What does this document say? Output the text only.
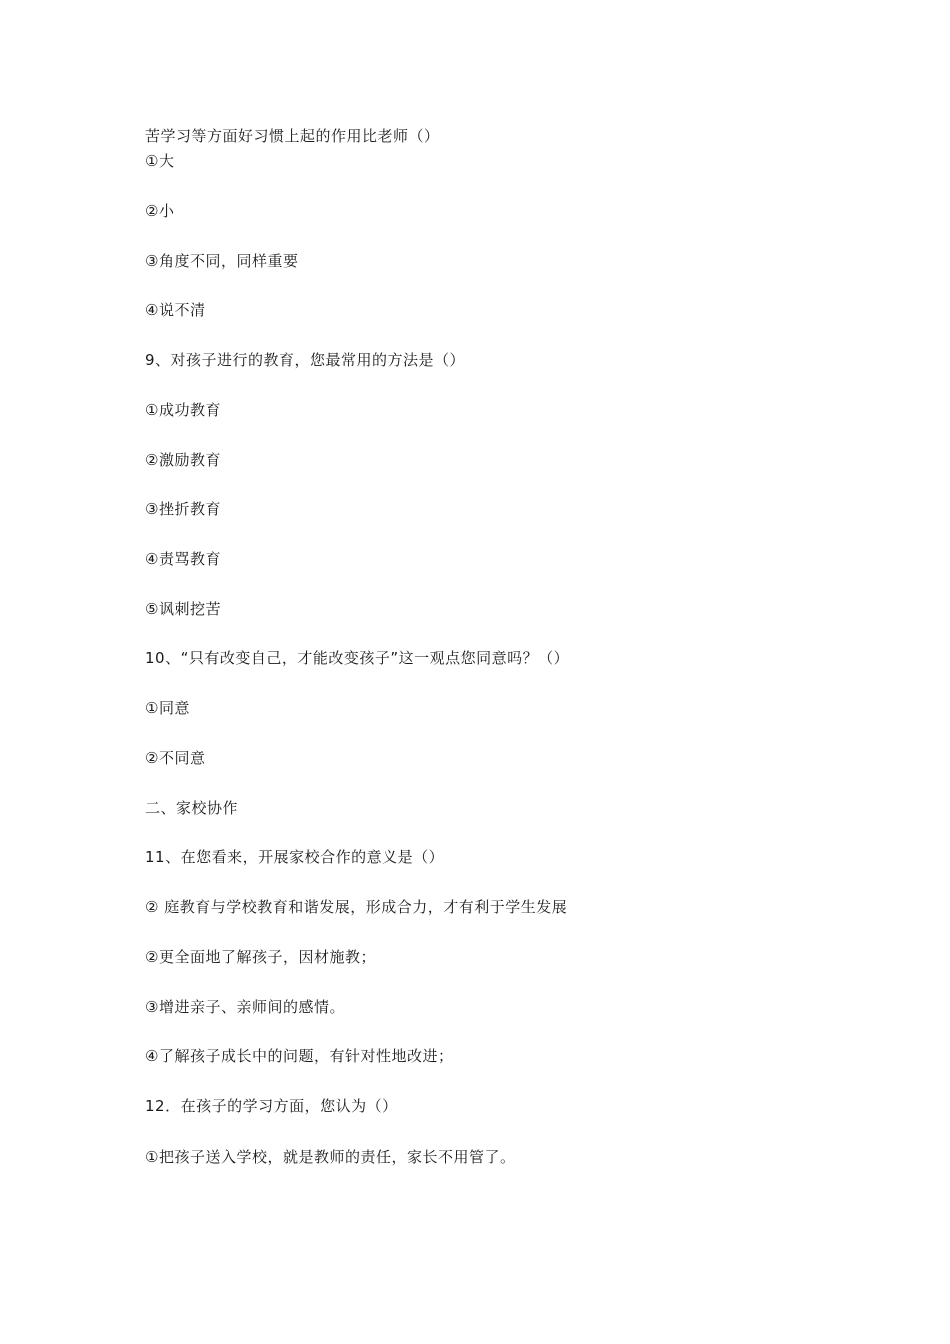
苦学习等方面好习惯上起的作用比老师（）
①大
②小
③角度不同，同样重要
④说不清
9、对孩子进行的教育，您最常用的方法是（）
①成功教育
②激励教育
③挫折教育
④责骂教育
⑤讽刺挖苦
10、“只有改变自己，才能改变孩子”这一观点您同意吗？（）
①同意
②不同意
二、家校协作
11、在您看来，开展家校合作的意义是（）
② 庭教育与学校教育和谐发展，形成合力，才有利于学生发展
②更全面地了解孩子，因材施教；
③增进亲子、亲师间的感情。
④了解孩子成长中的问题，有针对性地改进；
12．在孩子的学习方面，您认为（）
①把孩子送入学校，就是教师的责任，家长不用管了。
